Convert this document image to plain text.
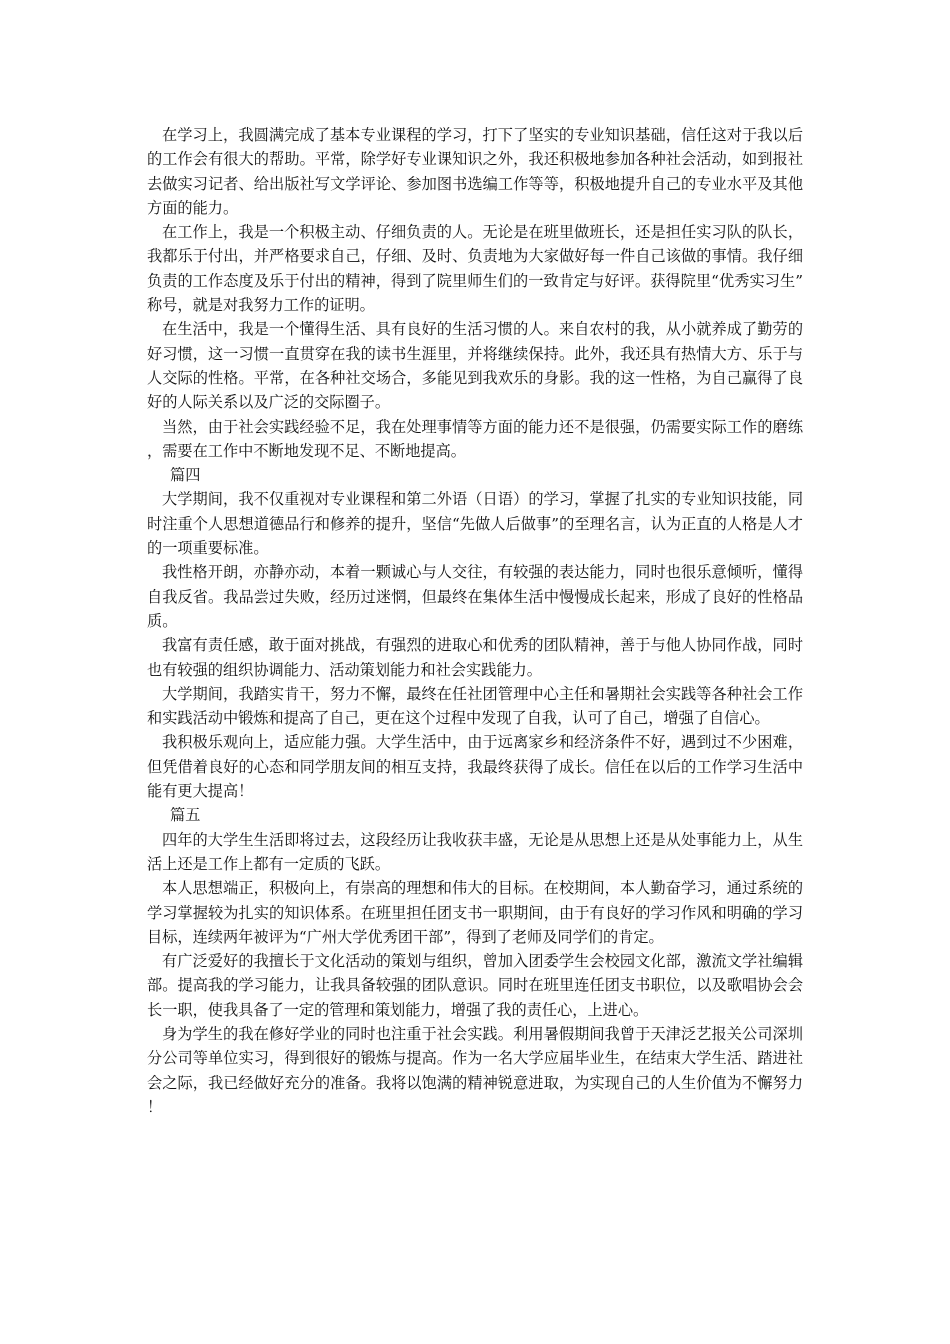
在学习上，我圆满完成了基本专业课程的学习，打下了坚实的专业知识基础，信任这对于我以后的工作会有很大的帮助。平常，除学好专业课知识之外，我还积极地参加各种社会活动，如到报社去做实习记者、给出版社写文学评论、参加图书选编工作等等，积极地提升自己的专业水平及其他方面的能力。

在工作上，我是一个积极主动、仔细负责的人。无论是在班里做班长，还是担任实习队的队长，我都乐于付出，并严格要求自己，仔细、及时、负责地为大家做好每一件自己该做的事情。我仔细负责的工作态度及乐于付出的精神，得到了院里师生们的一致肯定与好评。获得院里“优秀实习生”称号，就是对我努力工作的证明。

在生活中，我是一个懂得生活、具有良好的生活习惯的人。来自农村的我，从小就养成了勤劳的好习惯，这一习惯一直贯穿在我的读书生涯里，并将继续保持。此外，我还具有热情大方、乐于与人交际的性格。平常，在各种社交场合，多能见到我欢乐的身影。我的这一性格，为自己赢得了良好的人际关系以及广泛的交际圈子。

当然，由于社会实践经验不足，我在处理事情等方面的能力还不是很强，仍需要实际工作的磨练，需要在工作中不断地发现不足、不断地提高。

篇四

大学期间，我不仅重视对专业课程和第二外语（日语）的学习，掌握了扎实的专业知识技能，同时注重个人思想道德品行和修养的提升，坚信“先做人后做事”的至理名言，认为正直的人格是人才的一项重要标准。

我性格开朗，亦静亦动，本着一颗诚心与人交往，有较强的表达能力，同时也很乐意倾听，懂得自我反省。我品尝过失败，经历过迷惘，但最终在集体生活中慢慢成长起来，形成了良好的性格品质。

我富有责任感，敢于面对挑战，有强烈的进取心和优秀的团队精神，善于与他人协同作战，同时也有较强的组织协调能力、活动策划能力和社会实践能力。

大学期间，我踏实肯干，努力不懈，最终在任社团管理中心主任和暑期社会实践等各种社会工作和实践活动中锻炼和提高了自己，更在这个过程中发现了自我，认可了自己，增强了自信心。

我积极乐观向上，适应能力强。大学生活中，由于远离家乡和经济条件不好，遇到过不少困难，但凭借着良好的心态和同学朋友间的相互支持，我最终获得了成长。信任在以后的工作学习生活中能有更大提高！

篇五

四年的大学生生活即将过去，这段经历让我收获丰盛，无论是从思想上还是从处事能力上，从生活上还是工作上都有一定质的飞跃。

本人思想端正，积极向上，有崇高的理想和伟大的目标。在校期间，本人勤奋学习，通过系统的学习掌握较为扎实的知识体系。在班里担任团支书一职期间，由于有良好的学习作风和明确的学习目标，连续两年被评为“广州大学优秀团干部”，得到了老师及同学们的肯定。

有广泛爱好的我擅长于文化活动的策划与组织，曾加入团委学生会校园文化部，激流文学社编辑部。提高我的学习能力，让我具备较强的团队意识。同时在班里连任团支书职位，以及歌唱协会会长一职，使我具备了一定的管理和策划能力，增强了我的责任心，上进心。

身为学生的我在修好学业的同时也注重于社会实践。利用暑假期间我曾于天津泛艺报关公司深圳分公司等单位实习，得到很好的锻炼与提高。作为一名大学应届毕业生，在结束大学生活、踏进社会之际，我已经做好充分的准备。我将以饱满的精神锐意进取，为实现自己的人生价值为不懈努力！
